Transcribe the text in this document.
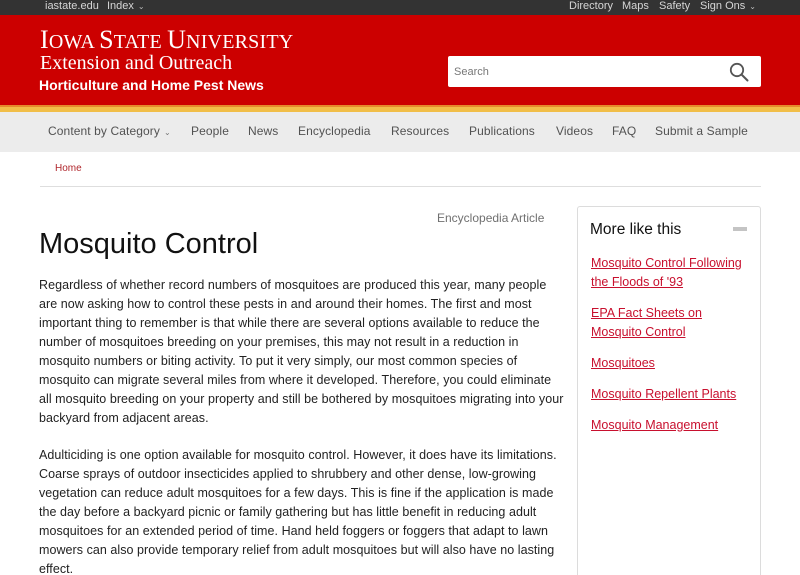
iastate.edu Index ⌄	Directory Maps Safety Sign Ons ⌄
IOWA STATE UNIVERSITY
Extension and Outreach
Horticulture and Home Pest News
Search
Content by Category ⌄ People News Encyclopedia Resources Publications Videos FAQ Submit a Sample
Home
Encyclopedia Article
Mosquito Control

Regardless of whether record numbers of mosquitoes are produced this year, many people are now asking how to control these pests in and around their homes. The first and most important thing to remember is that while there are several options available to reduce the number of mosquitoes breeding on your premises, this may not result in a reduction in mosquito numbers or biting activity. To put it very simply, our most common species of mosquito can migrate several miles from where it developed. Therefore, you could eliminate all mosquito breeding on your property and still be bothered by mosquitoes migrating into your backyard from adjacent areas.

Adulticiding is one option available for mosquito control. However, it does have its limitations. Coarse sprays of outdoor insecticides applied to shrubbery and other dense, low-growing vegetation can reduce adult mosquitoes for a few days. This is fine if the application is made the day before a backyard picnic or family gathering but has little benefit in reducing adult mosquitoes for an extended period of time. Hand held foggers or foggers that adapt to lawn mowers can also provide temporary relief from adult mosquitoes but will also have no lasting effect.

More like this
Mosquito Control Following the Floods of '93
EPA Fact Sheets on Mosquito Control
Mosquitoes
Mosquito Repellent Plants
Mosquito Management
